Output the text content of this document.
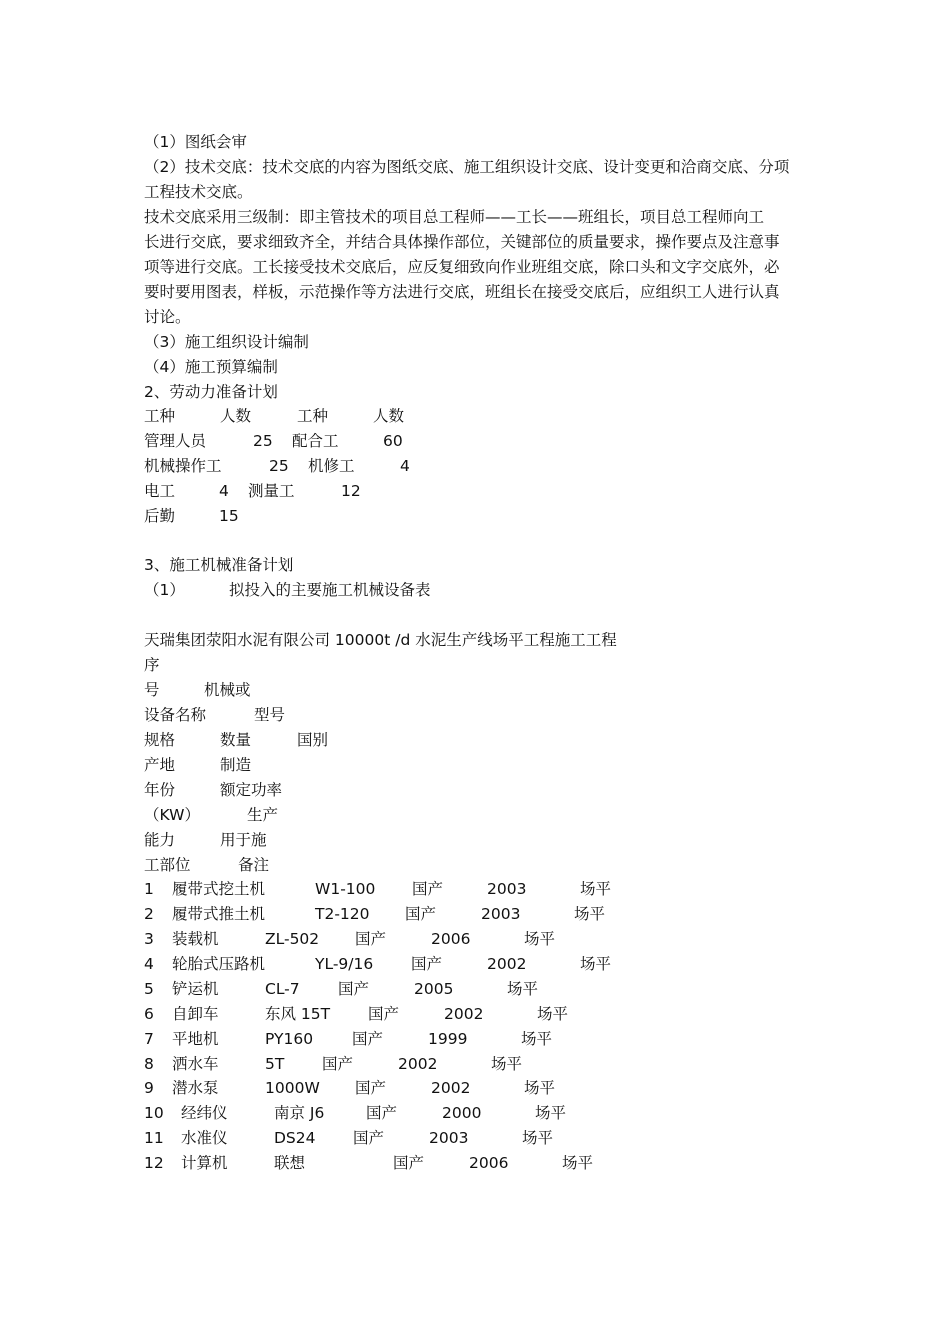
（1）图纸会审
（2）技术交底：技术交底的内容为图纸交底、施工组织设计交底、设计变更和洽商交底、分项
工程技术交底。
技术交底采用三级制：即主管技术的项目总工程师——工长——班组长，项目总工程师向工
长进行交底，要求细致齐全，并结合具体操作部位，关键部位的质量要求，操作要点及注意事
项等进行交底。工长接受技术交底后，应反复细致向作业班组交底，除口头和文字交底外，必
要时要用图表，样板，示范操作等方法进行交底，班组长在接受交底后，应组织工人进行认真
讨论。
（3）施工组织设计编制
（4）施工预算编制
2、劳动力准备计划
工种	人数	工种	人数
管理人员	25 配合工	60
机械操作工	25 机修工	4
电工	4 测量工	12
后勤	15
3、施工机械准备计划
（1）	拟投入的主要施工机械设备表
天瑞集团荥阳水泥有限公司 10000t /d 水泥生产线场平工程施工工程
序
号	机械或
设备名称	型号
规格	数量	国别
产地	制造
年份	额定功率
（KW）	生产
能力	用于施
工部位	备注
1 履带式挖土机	W1-100 国产	2003	场平
2 履带式推土机	T2-120 国产	2003	场平
3 装载机	ZL-502 国产	2006	场平
4 轮胎式压路机	YL-9/16 国产	2002	场平
5 铲运机	CL-7 国产	2005	场平
6 自卸车	东风 15T 国产	2002	场平
7 平地机	PY160	国产	1999	场平
8 洒水车	5T 国产	2002	场平
9 潜水泵	1000W 国产	2002	场平
10 经纬仪	南京 J6	国产	2000	场平
11 水准仪	DS24 国产	2003	场平
12 计算机	联想	国产	2006	场平
